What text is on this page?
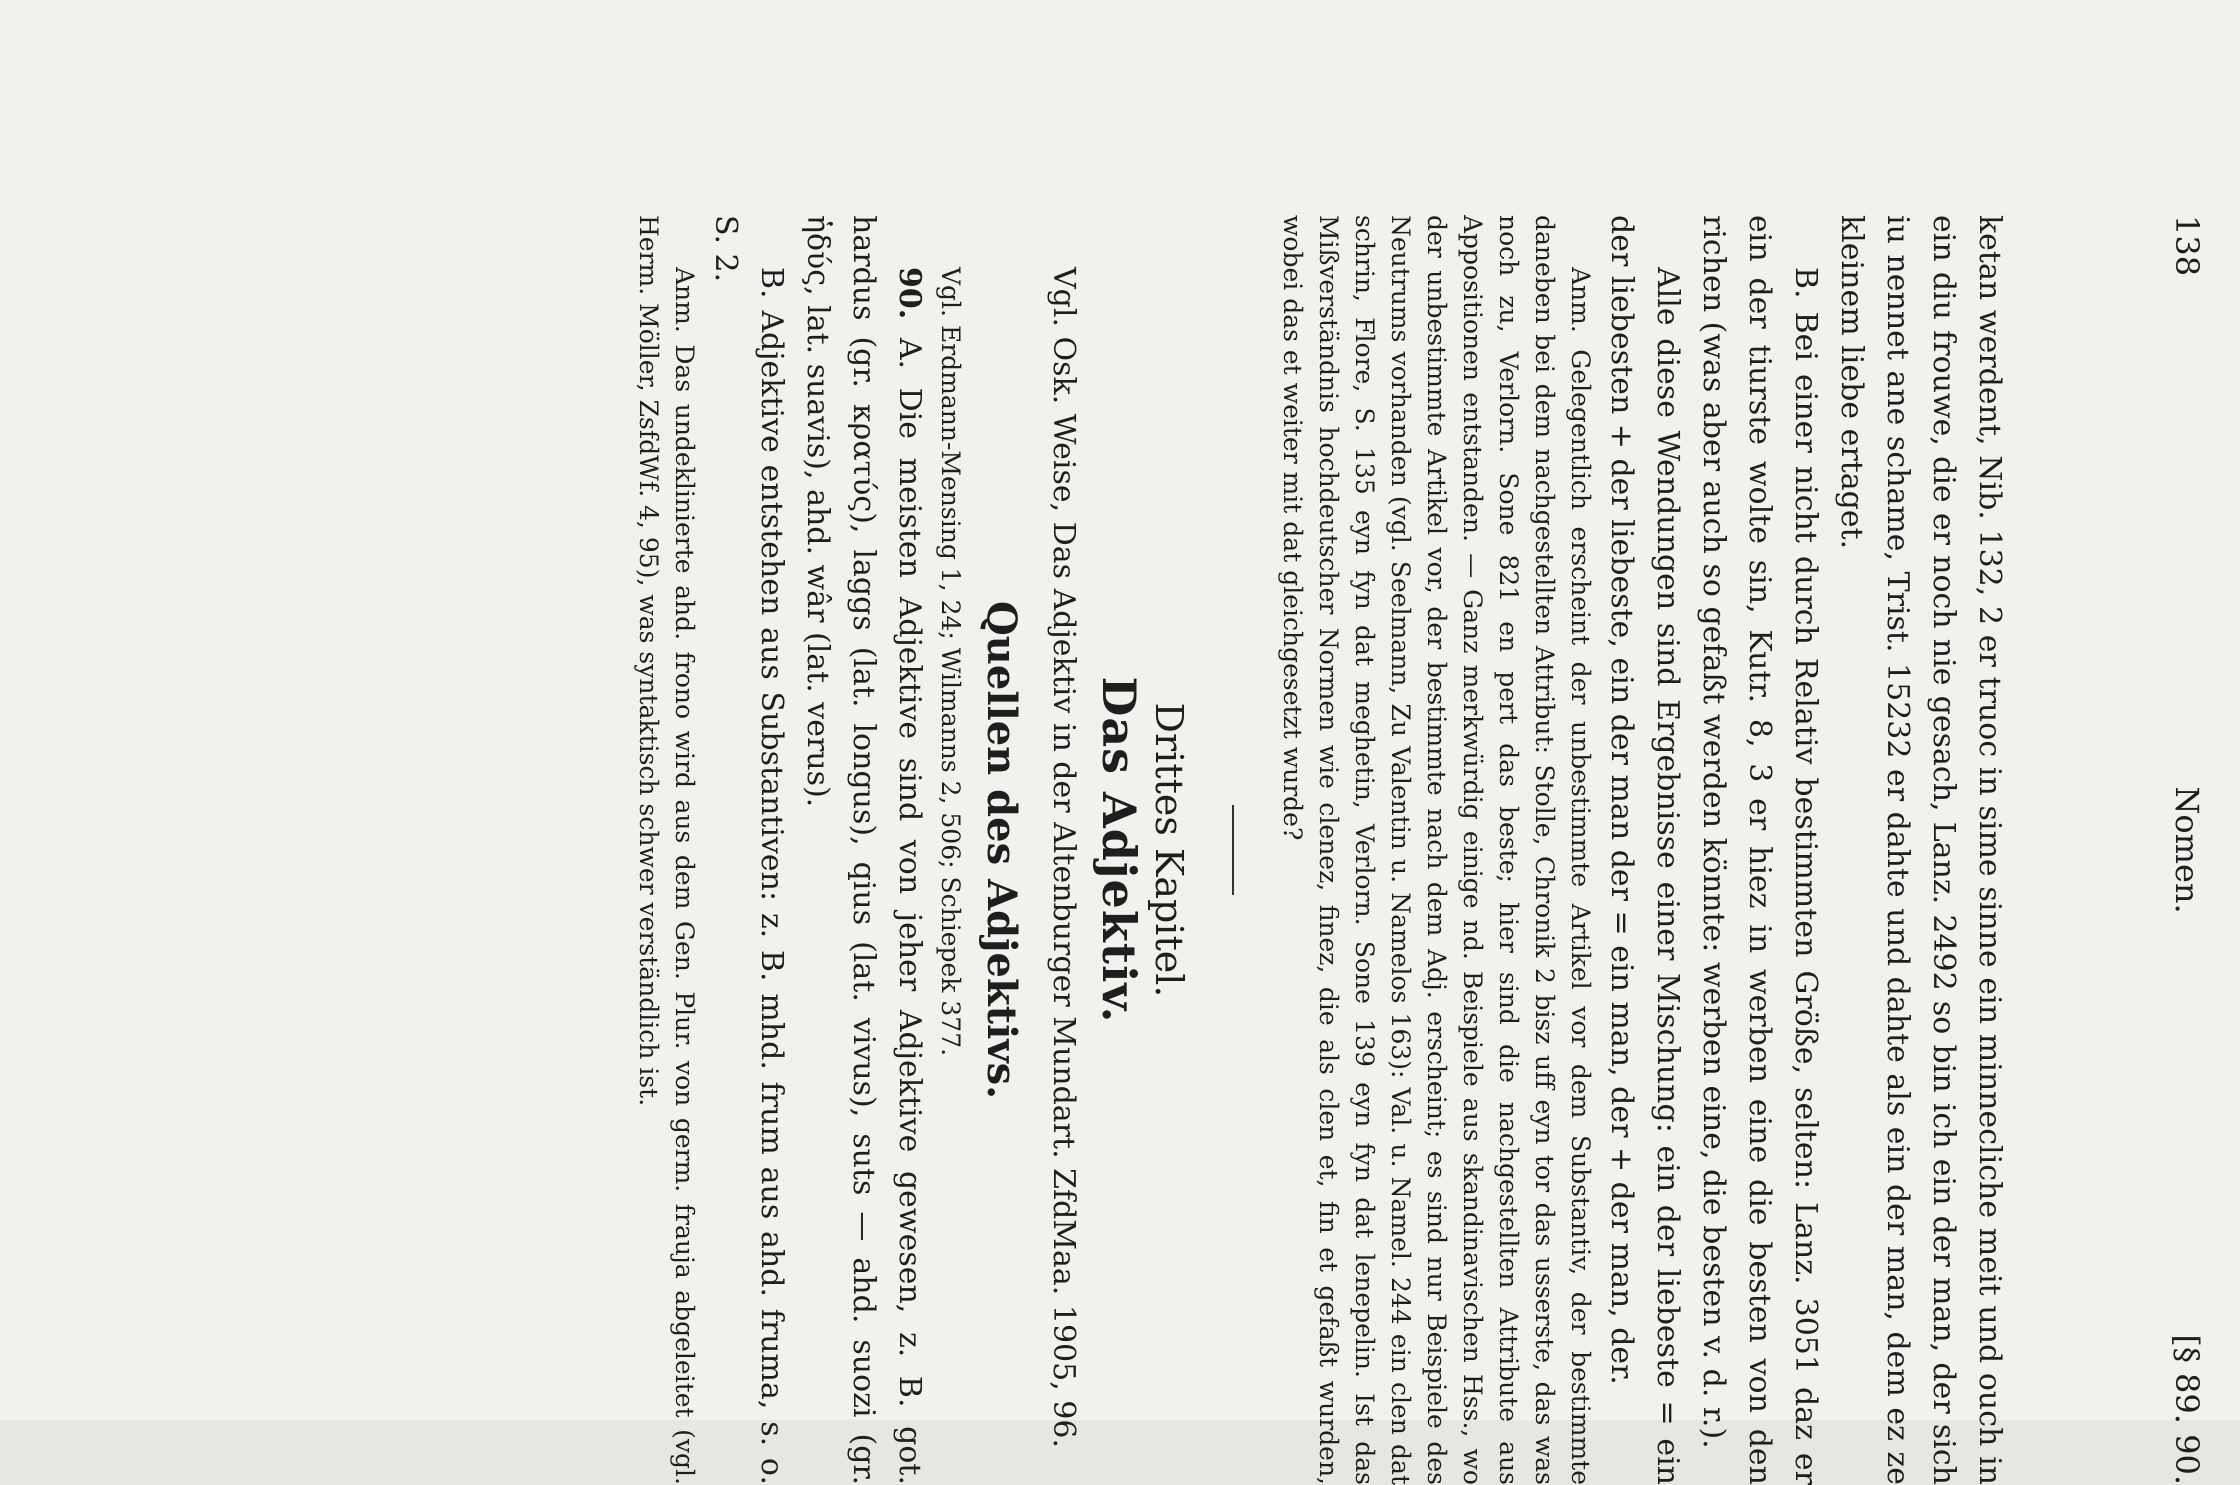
138
Nomen.
[§ 89. 90.

ketan werdent, Nib. 132, 2 er truoc in sime sinne ein minnecliche meit und ouch in ein diu frouwe, die er noch nie gesach, Lanz. 2492 so bin ich ein der man, der sich iu nennet ane schame, Trist. 15232 er dahte und dahte als ein der man, dem ez ze kleinem liebe ertaget.

B. Bei einer nicht durch Relativ bestimmten Größe, selten: Lanz. 3051 daz er ein der tiurste wolte sin, Kutr. 8, 3 er hiez in werben eine die besten von den richen (was aber auch so gefaßt werden könnte: werben eine, die besten v. d. r.).

Alle diese Wendungen sind Ergebnisse einer Mischung: ein der liebeste = ein der liebesten + der liebeste, ein der man der = ein man, der + der man, der.

Anm. Gelegentlich erscheint der unbestimmte Artikel vor dem Substantiv, der bestimmte daneben bei dem nachgestellten Attribut: Stolle, Chronik 2 bisz uff eyn tor das usserste, das was noch zu, Verlorn. Sone 821 en pert das beste; hier sind die nachgestellten Attribute aus Appositionen entstanden. — Ganz merkwürdig einige nd. Beispiele aus skandinavischen Hss., wo der unbestimmte Artikel vor, der bestimmte nach dem Adj. erscheint; es sind nur Beispiele des Neutrums vorhanden (vgl. Seelmann, Zu Valentin u. Namelos 163): Val. u. Namel. 244 ein clen dat schrin, Flore, S. 135 eyn fyn dat meghetin, Verlorn. Sone 139 eyn fyn dat lenepelin. Ist das Mißverständnis hochdeutscher Normen wie clenez, finez, die als clen et, fin et gefaßt wurden, wobei das et weiter mit dat gleichgesetzt wurde?

Drittes Kapitel.
Das Adjektiv.

Vgl. Osk. Weise, Das Adjektiv in der Altenburger Mundart. ZfdMaa. 1905, 96.

Quellen des Adjektivs.

Vgl. Erdmann-Mensing 1, 24; Wilmanns 2, 506; Schiepek 377.

90. A. Die meisten Adjektive sind von jeher Adjektive gewesen, z. B. got. hardus (gr. κρατύς), laggs (lat. longus), qius (lat. vivus), suts — ahd. suozi (gr. ἡδύς, lat. suavis), ahd. wâr (lat. verus).

B. Adjektive entstehen aus Substantiven: z. B. mhd. frum aus ahd. fruma, s. o. S. 2.

Anm. Das undeklinierte ahd. frono wird aus dem Gen. Plur. von germ. frauja abgeleitet (vgl. Herm. Möller, ZsfdWf. 4, 95), was syntaktisch schwer verständlich ist.
